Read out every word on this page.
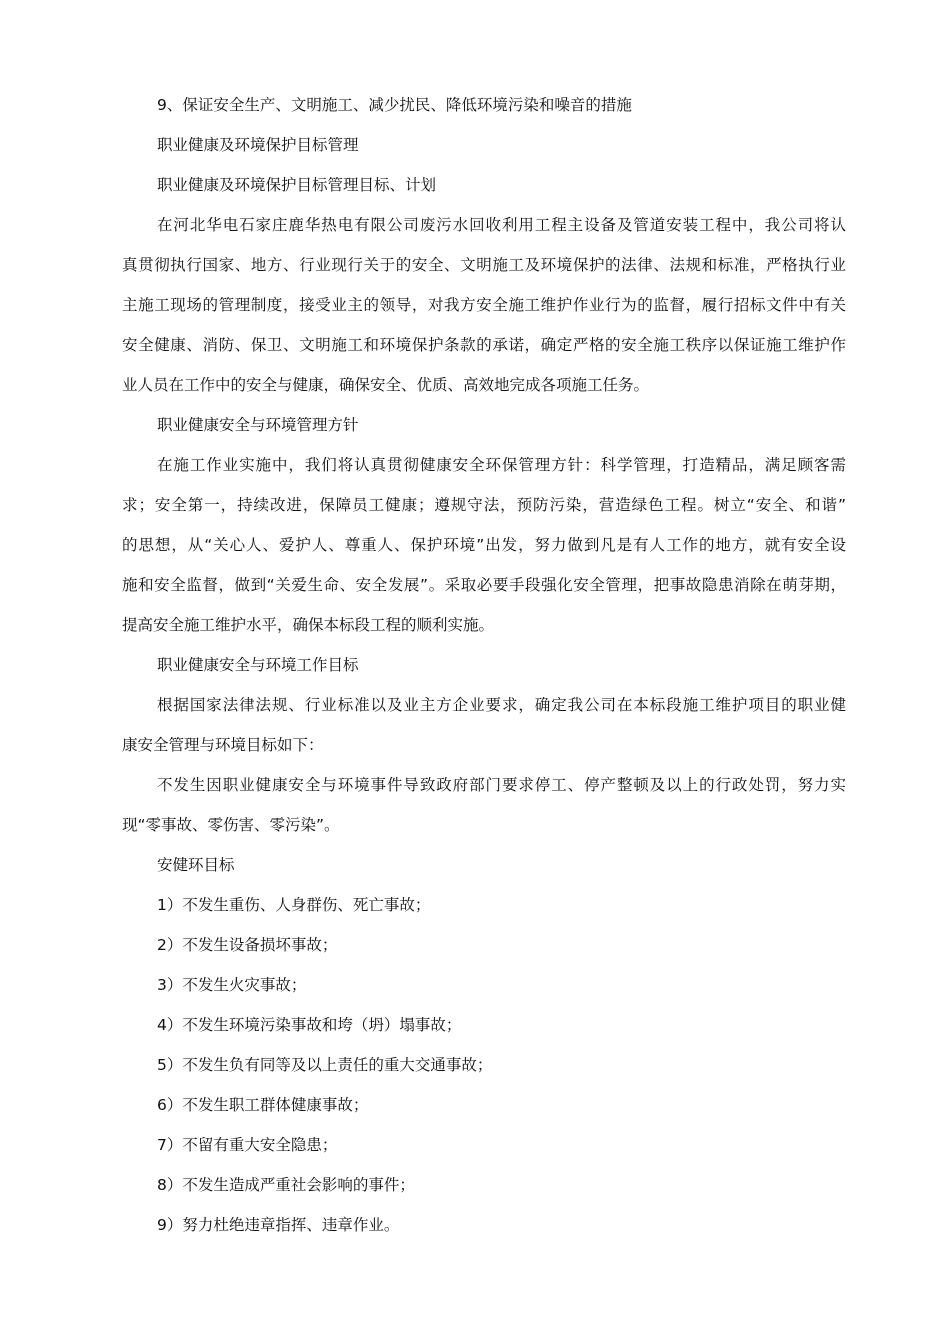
9、保证安全生产、文明施工、减少扰民、降低环境污染和噪音的措施

职业健康及环境保护目标管理

职业健康及环境保护目标管理目标、计划

在河北华电石家庄鹿华热电有限公司废污水回收利用工程主设备及管道安装工程中，我公司将认

真贯彻执行国家、地方、行业现行关于的安全、文明施工及环境保护的法律、法规和标准，严格执行业

主施工现场的管理制度，接受业主的领导，对我方安全施工维护作业行为的监督，履行招标文件中有关

安全健康、消防、保卫、文明施工和环境保护条款的承诺，确定严格的安全施工秩序以保证施工维护作

业人员在工作中的安全与健康，确保安全、优质、高效地完成各项施工任务。

职业健康安全与环境管理方针

在施工作业实施中，我们将认真贯彻健康安全环保管理方针：科学管理，打造精品，满足顾客需

求；安全第一，持续改进，保障员工健康；遵规守法，预防污染，营造绿色工程。树立“安全、和谐”

的思想，从“关心人、爱护人、尊重人、保护环境”出发，努力做到凡是有人工作的地方，就有安全设

施和安全监督，做到“关爱生命、安全发展”。采取必要手段强化安全管理，把事故隐患消除在萌芽期，

提高安全施工维护水平，确保本标段工程的顺利实施。

职业健康安全与环境工作目标

根据国家法律法规、行业标准以及业主方企业要求，确定我公司在本标段施工维护项目的职业健

康安全管理与环境目标如下：

不发生因职业健康安全与环境事件导致政府部门要求停工、停产整顿及以上的行政处罚，努力实

现“零事故、零伤害、零污染”。

安健环目标

1）不发生重伤、人身群伤、死亡事故；

2）不发生设备损坏事故；

3）不发生火灾事故；

4）不发生环境污染事故和垮（坍）塌事故；

5）不发生负有同等及以上责任的重大交通事故；

6）不发生职工群体健康事故；

7）不留有重大安全隐患；

8）不发生造成严重社会影响的事件；

9）努力杜绝违章指挥、违章作业。
